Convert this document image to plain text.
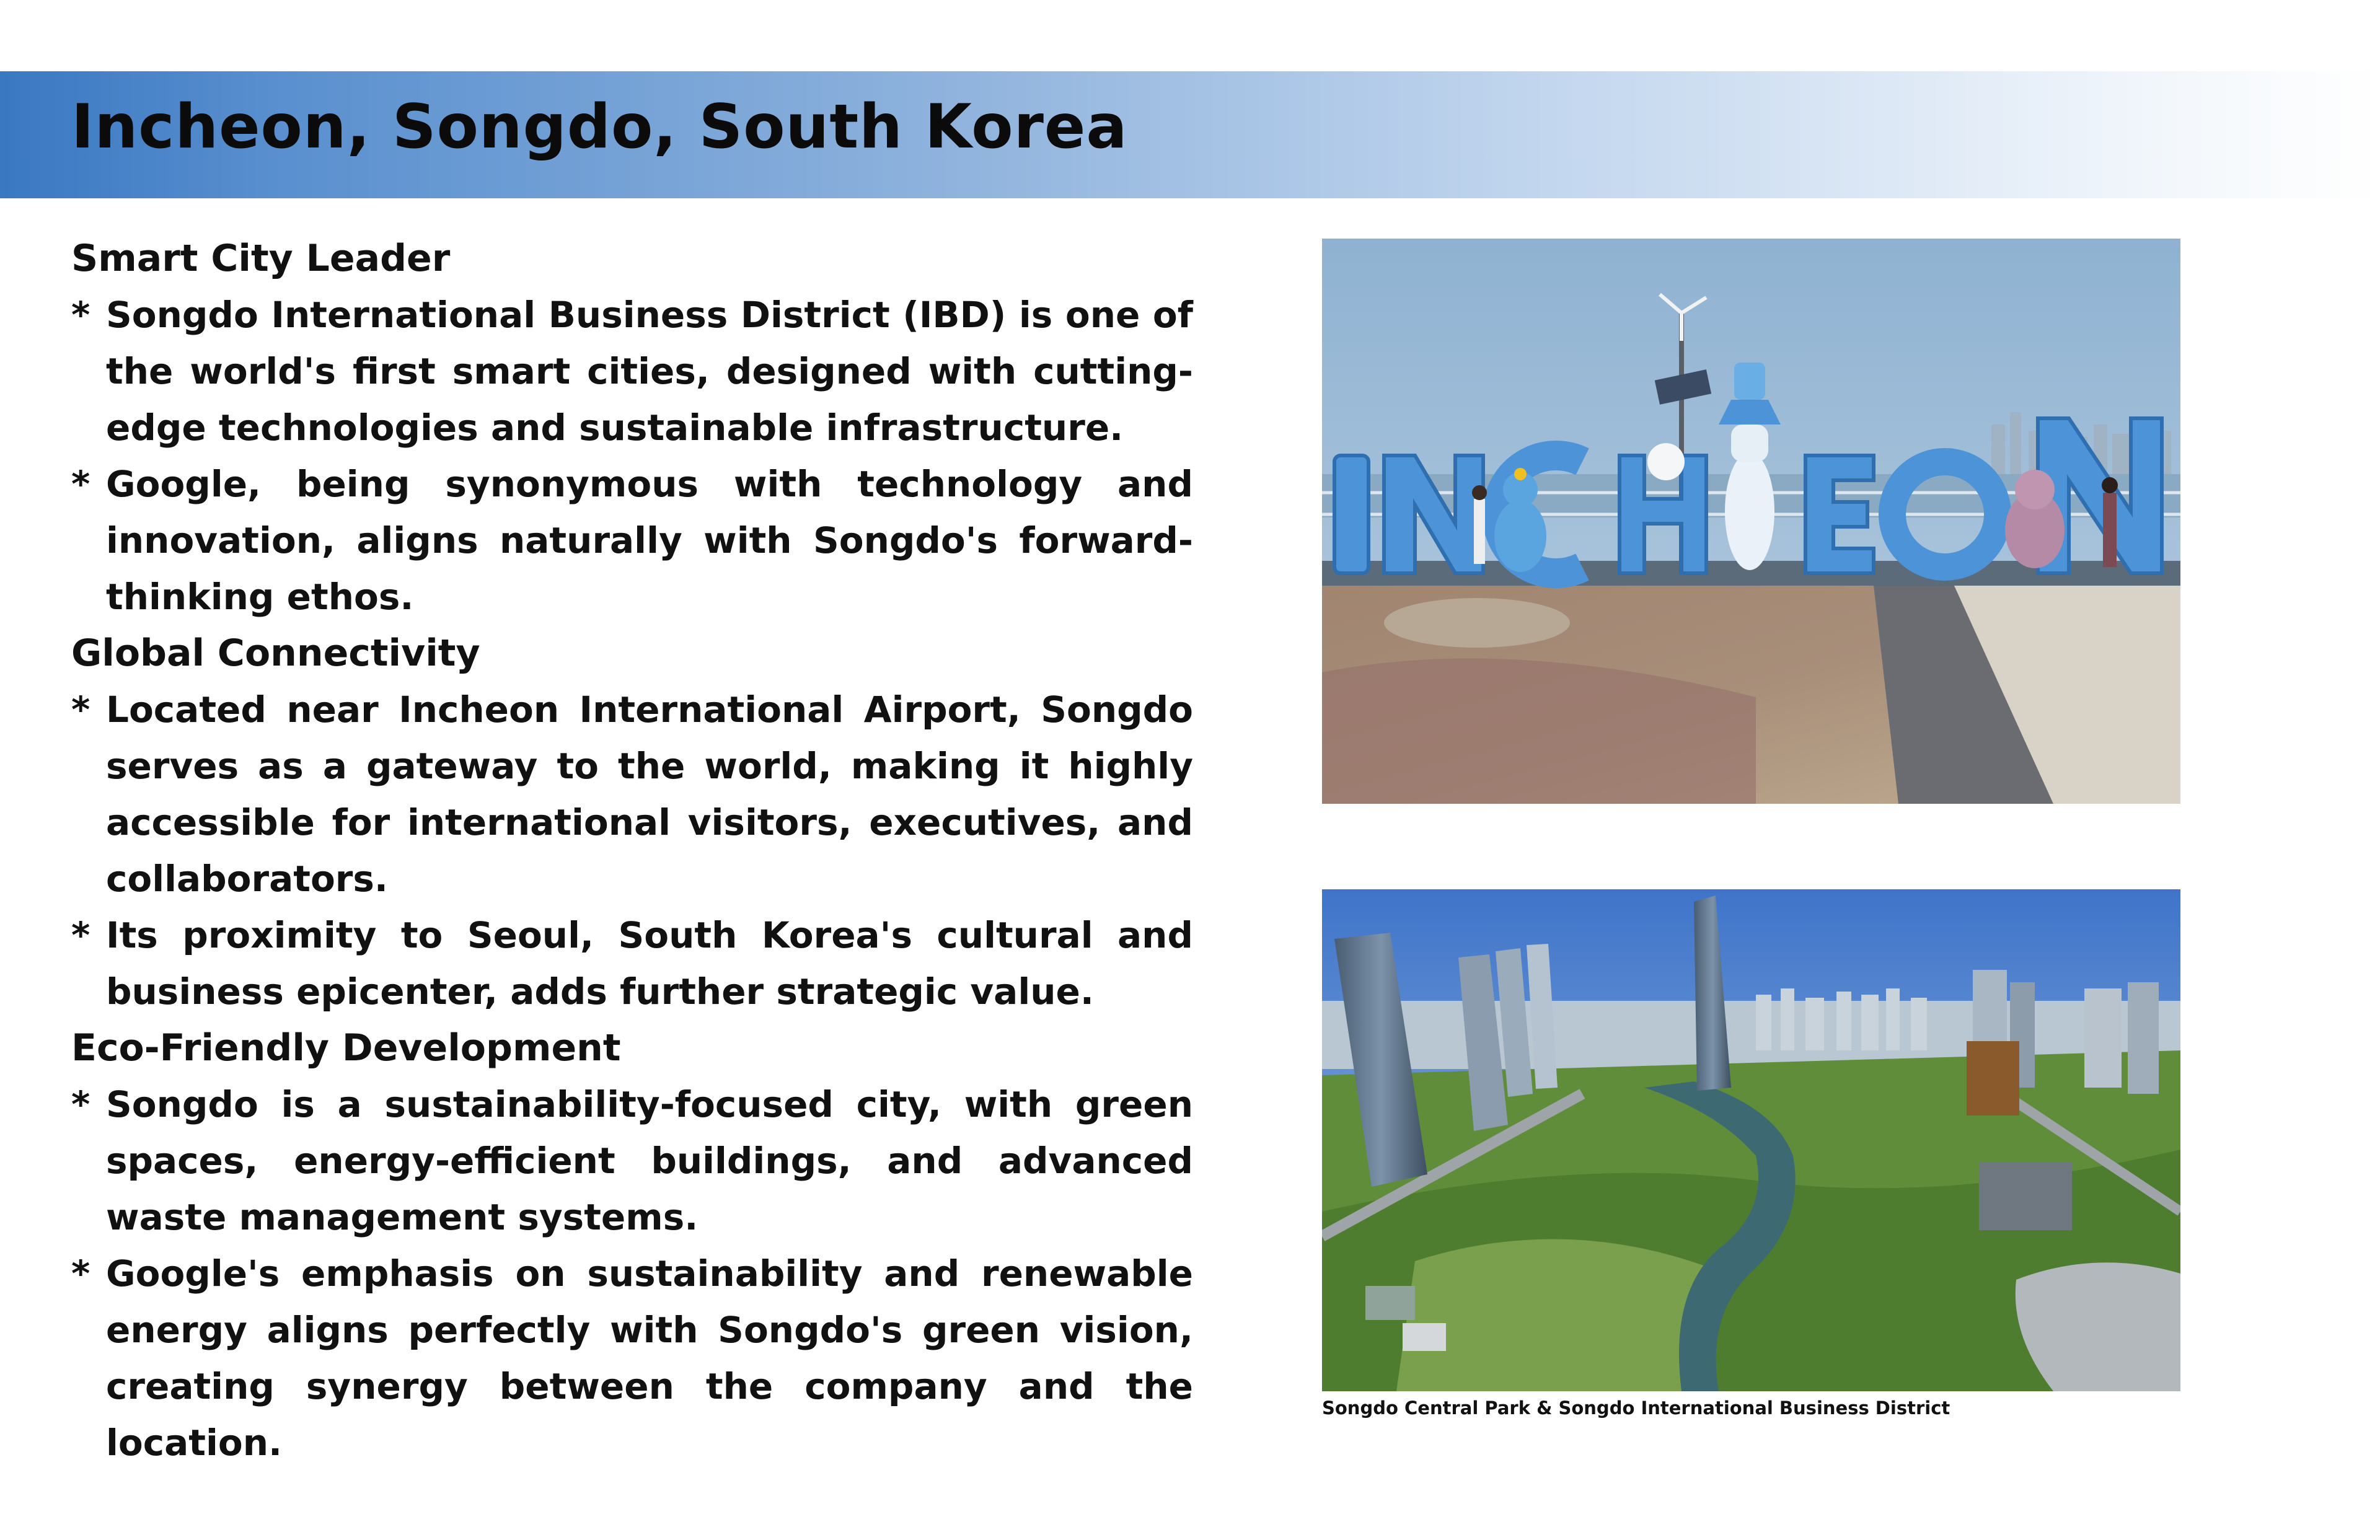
Incheon, Songdo, South Korea
Smart City Leader
* Songdo International Business District (IBD) is one of the world's first smart cities, designed with cutting-edge technologies and sustainable infrastructure.
* Google, being synonymous with technology and innovation, aligns naturally with Songdo's forward-thinking ethos.
Global Connectivity
* Located near Incheon International Airport, Songdo serves as a gateway to the world, making it highly accessible for international visitors, executives, and collaborators.
* Its proximity to Seoul, South Korea's cultural and business epicenter, adds further strategic value.
Eco-Friendly Development
* Songdo is a sustainability-focused city, with green spaces, energy-efficient buildings, and advanced waste management systems.
* Google's emphasis on sustainability and renewable energy aligns perfectly with Songdo's green vision, creating synergy between the company and the location.
Songdo Central Park & Songdo International Business District
